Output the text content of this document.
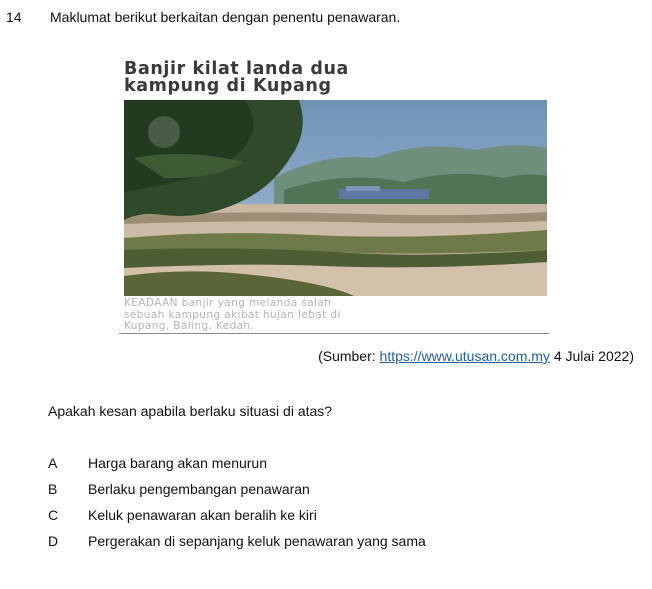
14 Maklumat berikut berkaitan dengan penentu penawaran.
Banjir kilat landa dua
kampung di Kupang
KEADAAN banjir yang melanda salah
sebuah kampung akibat hujan lebat di
Kupang, Baling, Kedah.
(Sumber: https://www.utusan.com.my 4 Julai 2022)
Apakah kesan apabila berlaku situasi di atas?
A Harga barang akan menurun
B Berlaku pengembangan penawaran
C Keluk penawaran akan beralih ke kiri
D Pergerakan di sepanjang keluk penawaran yang sama
